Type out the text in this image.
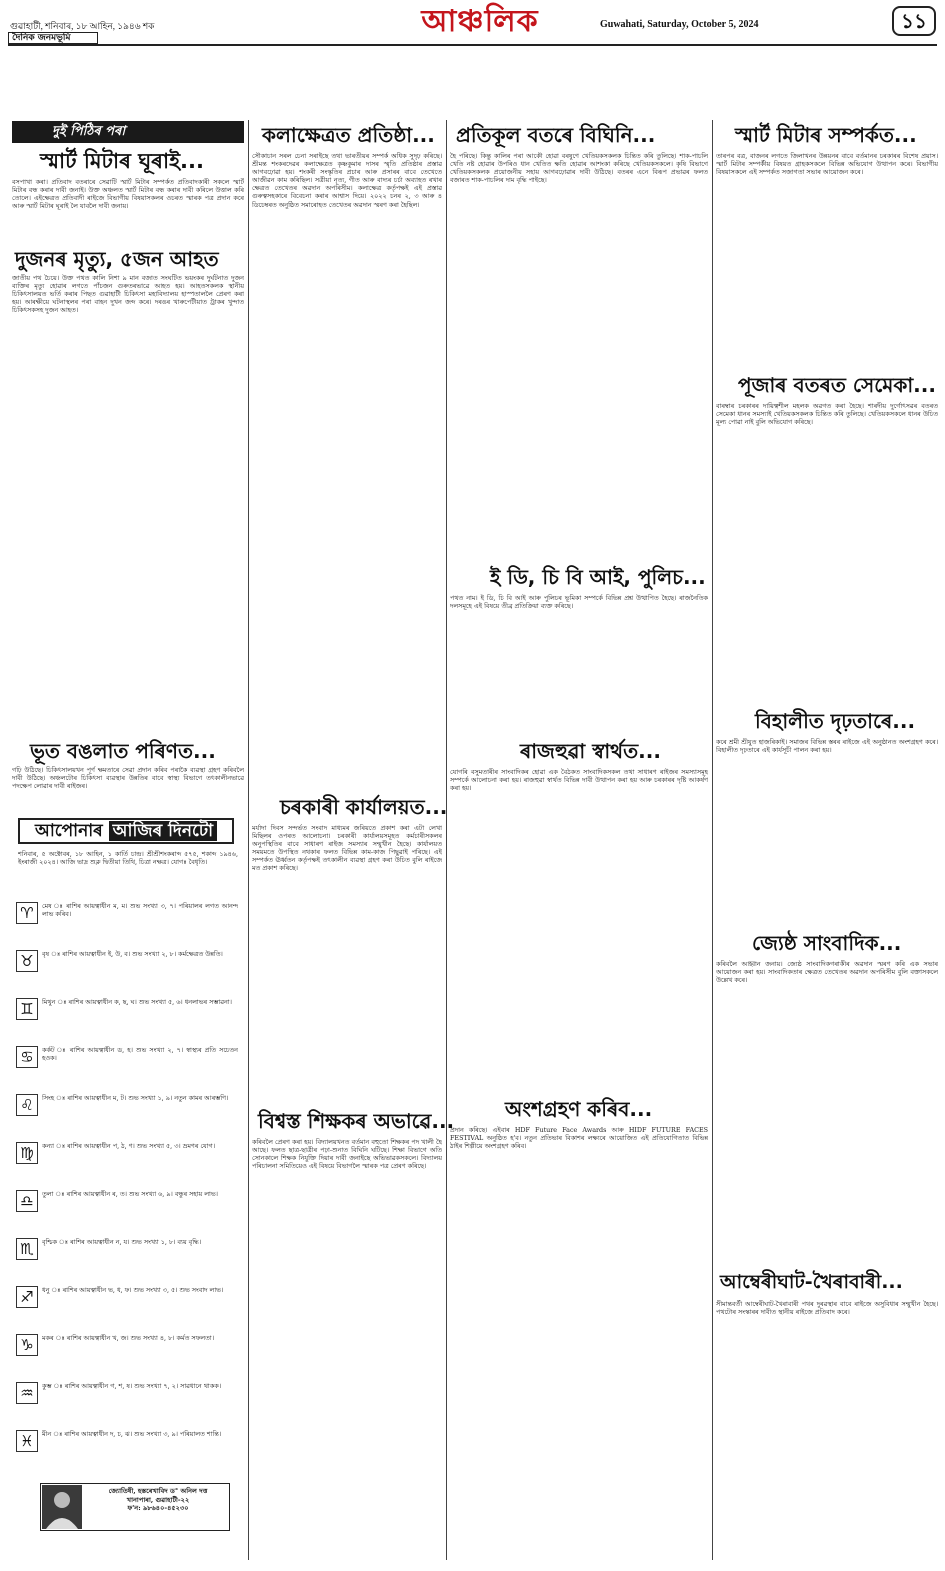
গুৱাহাটী, শনিবাৰ, ১৮ আহিন, ১৯৪৬ শক
দৈনিক জনমভূমি	আঞ্চলিক	Guwahati, Saturday, October 5, 2024	১১
দুই পিঠিৰ পৰা
স্মাৰ্ট মিটাৰ ঘূৰাই...
বসপাখা কৰা। প্ৰতিবাদ বতৰাৰে সেৱাটি স্মাৰ্ট মিটাৰ সম্পৰ্কত প্ৰতিবাদকাৰী সকলে স্মাৰ্ট মিটাৰ বন্ধ কৰাৰ দাবী জনাই। উক্ত অঞ্চলত স্মাৰ্ট মিটাৰ বন্ধ কৰাৰ দাবী কৰিলে উত্তাল কৰি তোলে। এইক্ষেত্ৰত প্ৰতিবাদী ৰাইজে বিভাগীয় বিষয়াসকলৰ ওচৰত স্মাৰক পত্ৰ প্ৰদান কৰে আৰু স্মাৰ্ট মিটাৰ ঘূৰাই লৈ যাবলৈ দাবী জনায়।
দুজনৰ মৃত্যু, ৫জন আহত
জাতীয় পথ চৈয়ে। উক্ত পথত কালি নিশা ৯ মান বজাত সংঘটিত ভয়ংকৰ দুৰ্ঘটনাত দুজন ব্যক্তিৰ মৃত্যু হোৱাৰ লগতে পাঁচজন গুৰুতৰভাৱে আহত হয়। আহতসকলক স্থানীয় চিকিৎসালয়ত ভৰ্তি কৰাৰ পিছত গুৱাহাটী চিকিৎসা মহাবিদ্যালয় হাস্পতাললৈ প্ৰেৰণ কৰা হয়। আৰক্ষীয়ে ঘটনাস্থলৰ পৰা বাহন দুখন জব্দ কৰে। দৰঙৰ খাৰুপেটীয়াত ট্ৰাকৰ খুন্দাত চিকিৎসকসহ দুজন আহত।
ভূত বঙলাত পৰিণত...
গঢ়ি উঠিছে। চিকিৎসালয়খন পূৰ্ণ ক্ষমতাৰে সেৱা প্ৰদান কৰিব পৰাকৈ ব্যৱস্থা গ্ৰহণ কৰিবলৈ দাবী উঠিছে। অঞ্চলটোৰ চিকিৎসা ব্যৱস্থাৰ উন্নতিৰ বাবে স্বাস্থ্য বিভাগে তৎকালীনভাৱে পদক্ষেপ লোৱাৰ দাবী ৰাইজৰ।
আপোনাৰ আজিৰ দিনটো
শনিবাৰ, ৫ অক্টোবৰ, ১৮ আহিন, ১ কাৰ্তি চান্দ্ৰ। শ্ৰীশ্ৰীশংকৰাব্দ ৫৭৫, শকাব্দ ১৯৪৬, ইংৰাজী ২০২৪। আজি ভাদ্ৰ শুক্ল দ্বিতীয়া তিথি, চিত্ৰা নক্ষত্ৰ। যোগঃ বৈধৃতি।
♈	মেষ ঃ ৰাশিৰ আয়ত্বাধীন ম, ম। শুভ সংখ্যা ৩, ৭। পৰিয়ালৰ লগত আনন্দ লাভ কৰিব।
♉	বৃষ ঃ ৰাশিৰ আয়ত্বাধীন ই, উ, ব। শুভ সংখ্যা ২, ৮। কৰ্মক্ষেত্ৰত উন্নতি।
♊	মিথুন ঃ ৰাশিৰ আয়ত্বাধীন ক, ছ, ঘ। শুভ সংখ্যা ৫, ৬। ধনলাভৰ সম্ভাৱনা।
♋	কৰ্কট ঃ ৰাশিৰ আয়ত্বাধীন ড, হ। শুভ সংখ্যা ২, ৭। স্বাস্থ্যৰ প্ৰতি সচেতন হওক।
♌	সিংহ ঃ ৰাশিৰ আয়ত্বাধীন ম, ট। শুভ সংখ্যা ১, ৯। নতুন কামৰ আৰম্ভণি।
♍	কন্যা ঃ ৰাশিৰ আয়ত্বাধীন প, ঠ, ণ। শুভ সংখ্যা ৫, ৩। ভ্ৰমণৰ যোগ।
♎	তুলা ঃ ৰাশিৰ আয়ত্বাধীন ৰ, ত। শুভ সংখ্যা ৬, ৯। বন্ধুৰ সহায় লাভ।
♏	বৃশ্চিক ঃ ৰাশিৰ আয়ত্বাধীন ন, য। শুভ সংখ্যা ১, ৮। ব্যয় বৃদ্ধি।
♐	ধনু ঃ ৰাশিৰ আয়ত্বাধীন ভ, ধ, ফ। শুভ সংখ্যা ৩, ৫। শুভ সংবাদ লাভ।
♑	মকৰ ঃ ৰাশিৰ আয়ত্বাধীন খ, জ। শুভ সংখ্যা ৪, ৮। কৰ্মত সফলতা।
♒	কুম্ভ ঃ ৰাশিৰ আয়ত্বাধীন গ, শ, ষ। শুভ সংখ্যা ৭, ২। সাৱধানে থাকক।
♓	মীন ঃ ৰাশিৰ আয়ত্বাধীন দ, চ, ঝ। শুভ সংখ্যা ৩, ৯। পৰিয়ালত শান্তি।
জ্যোতিষী, হস্তৰেখাবিদ ড° অনিল দত্ত
খানাপাৰা, গুৱাহাটী-২২
ফ'ন: ৯৮৬৪০-৪৫২৩০
কলাক্ষেত্ৰত প্ৰতিষ্ঠা...
সৌকাচান সৰল চেনা সৰাইছে তথা ভাৰতীয়ৰ সম্পৰ্ক অধিক সুদৃঢ় কৰিছে। শ্ৰীমন্ত শংকৰদেৱৰ কলাক্ষেত্ৰত কৃষ্ণকুমাৰ দাসৰ স্মৃতি প্ৰতিষ্ঠাৰ প্ৰস্তাৱ আগবঢ়োৱা হয়। শংকৰী সংস্কৃতিৰ প্ৰচাৰ আৰু প্ৰসাৰৰ বাবে তেখেতে আজীৱন কাম কৰিছিল। সত্ৰীয়া নৃত্য, গীত আৰু বাদ্যৰ চৰ্চা অব্যাহত ৰখাৰ ক্ষেত্ৰত তেখেতৰ অৱদান অপৰিসীম। কলাক্ষেত্ৰ কৰ্তৃপক্ষই এই প্ৰস্তাৱ গুৰুত্বসহকাৰে বিবেচনা কৰাৰ আশ্বাস দিয়ে। ২০২২ চনৰ ২, ৩ আৰু ৪ ডিচেম্বৰত অনুষ্ঠিত সমাৰোহত তেখেতৰ অৱদান স্মৰণ কৰা হৈছিল।
চৰকাৰী কাৰ্যালয়ত...
মৰ্যাদা দিবস সন্দৰ্ভত সংবাদ মাধ্যমৰ জৰিয়তে প্ৰকাশ কৰা এটা লেখা মিছিলৰ ওপৰত আলোচনা। চৰকাৰী কাৰ্যালয়সমূহত কৰ্মচাৰীসকলৰ অনুপস্থিতিৰ বাবে সাধাৰণ ৰাইজ সমস্যাৰ সন্মুখীন হৈছে। কাৰ্যালয়ত সময়মতে উপস্থিত নথকাৰ ফলত বিভিন্ন কাম-কাজ পিছুৱাই পৰিছে। এই সম্পৰ্কত ঊৰ্ধ্বতন কৰ্তৃপক্ষই তৎকালীন ব্যৱস্থা গ্ৰহণ কৰা উচিত বুলি ৰাইজে মত প্ৰকাশ কৰিছে।
বিশ্বস্ত শিক্ষকৰ অভাৱে...
কৰিবলৈ প্ৰেৰণ কৰা হয়। বিদ্যালয়খনত বৰ্তমান বহুতো শিক্ষকৰ পদ খালী হৈ আছে। ফলত ছাত্ৰ-ছাত্ৰীৰ পঢ়া-শুনাত বিঘিনি ঘটিছে। শিক্ষা বিভাগে অতি সোনকালে শিক্ষক নিযুক্তি দিয়াৰ দাবী জনাইছে অভিভাৱকসকলে। বিদ্যালয় পৰিচালনা সমিতিয়েও এই বিষয়ে বিভাগলৈ স্মাৰক পত্ৰ প্ৰেৰণ কৰিছে।
প্ৰতিকূল বতৰে বিঘিনি...
হৈ পৰিছে। কিন্তু কালিৰ পৰা আকৌ হোৱা বৰষুণে খেতিয়কসকলক চিন্তিত কৰি তুলিছে। শাক-পাচলি খেতি নষ্ট হোৱাৰ উপৰিও ধান খেতিত ক্ষতি হোৱাৰ আশংকা কৰিছে খেতিয়কসকলে। কৃষি বিভাগে খেতিয়কসকলক প্ৰয়োজনীয় সহায় আগবঢ়োৱাৰ দাবী উঠিছে। বতৰৰ এনে বিৰূপ প্ৰভাৱৰ ফলত বজাৰত শাক-পাচলিৰ দাম বৃদ্ধি পাইছে।
ই ডি, চি বি আই, পুলিচ...
পথত নাম। ই ডি, চি বি আই আৰু পুলিচৰ ভূমিকা সম্পৰ্কে বিভিন্ন প্ৰশ্ন উত্থাপিত হৈছে। ৰাজনৈতিক দলসমূহে এই বিষয়ে তীব্ৰ প্ৰতিক্ৰিয়া ব্যক্ত কৰিছে।
ৰাজহুৱা স্বাৰ্থত...
যোগৰি বসুমতাৰীৰ সাংবাদিকৰ হোৱা এক বৈঠকত সাংবাদিকসকল তথা সাধাৰণ ৰাইজৰ সমস্যাসমূহ সম্পৰ্কে আলোচনা কৰা হয়। ৰাজহুৱা স্বাৰ্থত বিভিন্ন দাবী উত্থাপন কৰা হয় আৰু চৰকাৰৰ দৃষ্টি আকৰ্ষণ কৰা হয়।
অংশগ্ৰহণ কৰিব...
প্ৰদান কৰিছে। এইবাৰ HDF Future Face Awards আৰু HIDF FUTURE FACES FESTIVAL অনুষ্ঠিত হ'ব। নতুন প্ৰতিভাৰ বিকাশৰ লক্ষ্যৰে আয়োজিত এই প্ৰতিযোগিতাত বিভিন্ন ঠাইৰ শিল্পীয়ে অংশগ্ৰহণ কৰিব।
স্মাৰ্ট মিটাৰ সম্পৰ্কত...
তাৰপৰ বত্ৰ, বাজনৰ লগতে জিলাখনৰ উন্নয়নৰ বাবে বৰ্তমানৰ চৰকাৰৰ বিশেষ প্ৰয়াস। স্মাৰ্ট মিটাৰ সম্পৰ্কীয় বিষয়ত গ্ৰাহকসকলে বিভিন্ন অভিযোগ উত্থাপন কৰে। বিভাগীয় বিষয়াসকলে এই সম্পৰ্কত সজাগতা সভাৰ আয়োজন কৰে।
পূজাৰ বতৰত সেমেকা...
বাৰম্বাৰ চৰকাৰৰ দায়িত্বশীল মহলক অৱগত কৰা হৈছে। শাৰদীয় দুৰ্গোৎসৱৰ বতৰত সেমেকা ধানৰ সমস্যাই খেতিয়কসকলক চিন্তিত কৰি তুলিছে। খেতিয়কসকলে ধানৰ উচিত মূল্য পোৱা নাই বুলি অভিযোগ কৰিছে।
বিহালীত দৃঢ়তাৰে...
কৰে শ্ৰমী শ্ৰীযুত হাজৰিকাই। সমাজৰ বিভিন্ন স্তৰৰ ৰাইজে এই অনুষ্ঠানত অংশগ্ৰহণ কৰে। বিহালীত দৃঢ়তাৰে এই কাৰ্যসূচী পালন কৰা হয়।
জ্যেষ্ঠ সাংবাদিক...
কৰিবলৈ আহ্বান জনায়। জ্যেষ্ঠ সাংবাদিকগৰাকীৰ অৱদান স্মৰণ কৰি এক সভাৰ আয়োজন কৰা হয়। সাংবাদিকতাৰ ক্ষেত্ৰত তেখেতৰ অৱদান অপৰিসীম বুলি বক্তাসকলে উল্লেখ কৰে।
আম্বেৰীঘাট-খৈৰাবাৰী...
সীমান্তবৰ্তী আম্বেৰীঘাট-খৈৰাবাৰী পথৰ দুৰৱস্থাৰ বাবে ৰাইজে অসুবিধাৰ সন্মুখীন হৈছে। পথটোৰ সংস্কাৰৰ দাবীত স্থানীয় ৰাইজে প্ৰতিবাদ কৰে।
